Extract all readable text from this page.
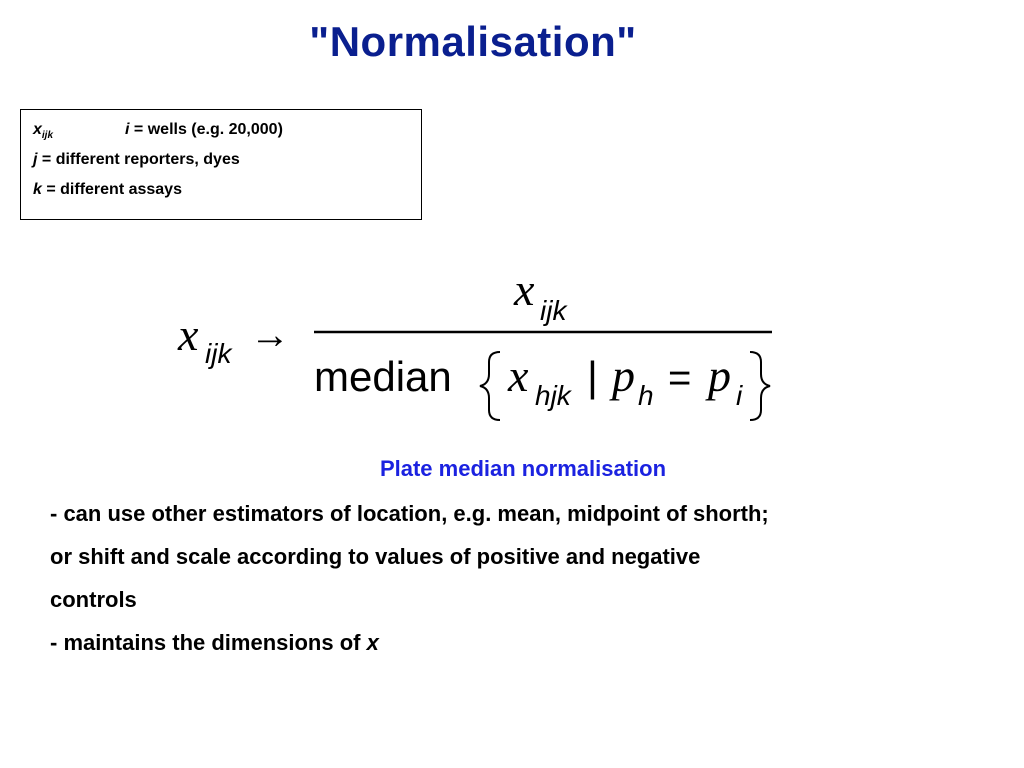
"Normalisation"
$x_{ijk}$	i = wells (e.g. 20,000)
j = different reporters, dyes
k = different assays
x ijk →
x ijk
median x hjk | p h = p i
Plate median normalisation
- can use other estimators of location, e.g. mean, midpoint of shorth;
or shift and scale according to values of positive and negative
controls
- maintains the dimensions of x
